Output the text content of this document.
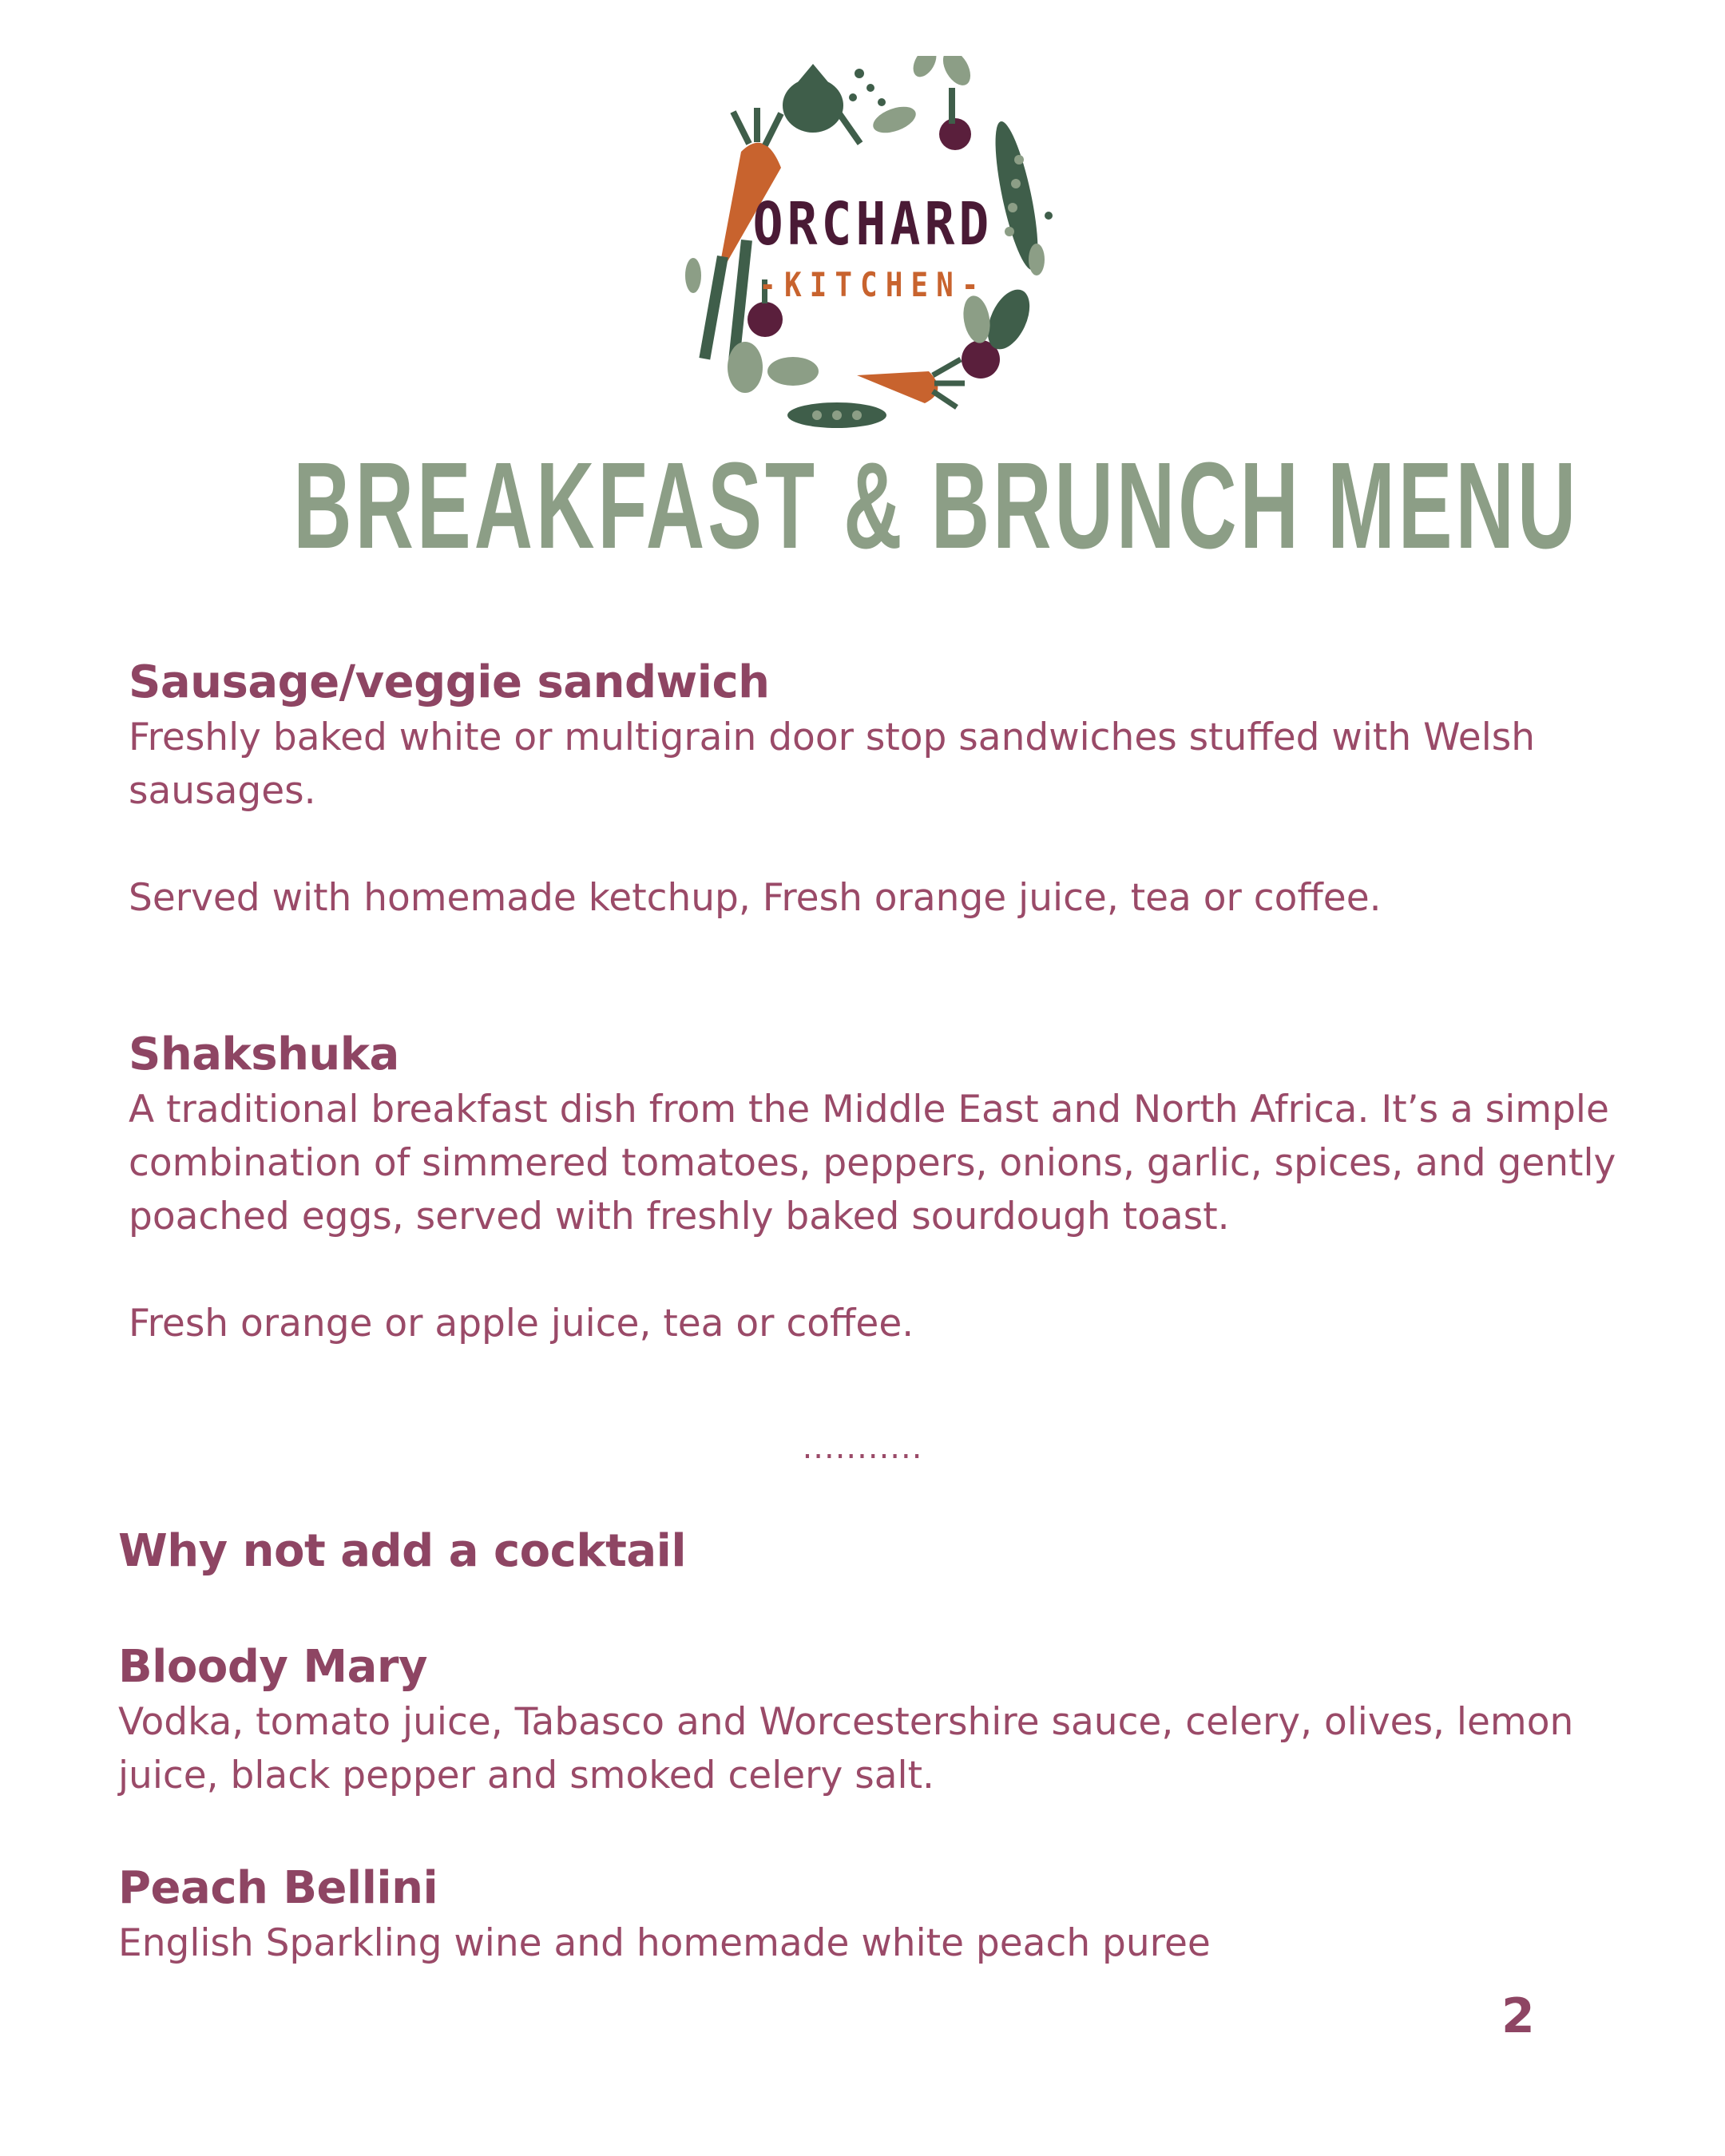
ORCHARD
-KITCHEN-
BREAKFAST & BRUNCH MENU
Sausage/veggie sandwich

Freshly baked white or multigrain door stop sandwiches stuffed with Welsh sausages.

Served with homemade ketchup, Fresh orange juice, tea or coffee.
Shakshuka

A traditional breakfast dish from the Middle East and North Africa. It’s a simple combination of simmered tomatoes, peppers, onions, garlic, spices, and gently poached eggs, served with freshly baked sourdough toast.

Fresh orange or apple juice, tea or coffee.
...........
Why not add a cocktail
Bloody Mary

Vodka, tomato juice, Tabasco and Worcestershire sauce, celery, olives, lemon juice, black pepper and smoked celery salt.

Peach Bellini

English Sparkling wine and homemade white peach puree

2
